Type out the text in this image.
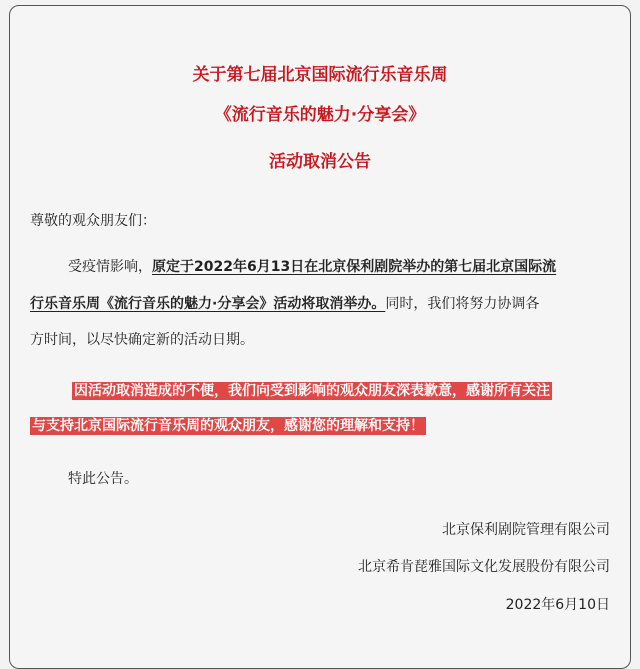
关于第七届北京国际流行乐音乐周
《流行音乐的魅力·分享会》
活动取消公告
尊敬的观众朋友们：
受疫情影响，原定于2022年6月13日在北京保利剧院举办的第七届北京国际流
行乐音乐周《流行音乐的魅力·分享会》活动将取消举办。同时，我们将努力协调各
方时间，以尽快确定新的活动日期。
因活动取消造成的不便，我们向受到影响的观众朋友深表歉意，感谢所有关注
与支持北京国际流行音乐周的观众朋友，感谢您的理解和支持！
特此公告。
北京保利剧院管理有限公司
北京希肯琵雅国际文化发展股份有限公司
2022年6月10日
